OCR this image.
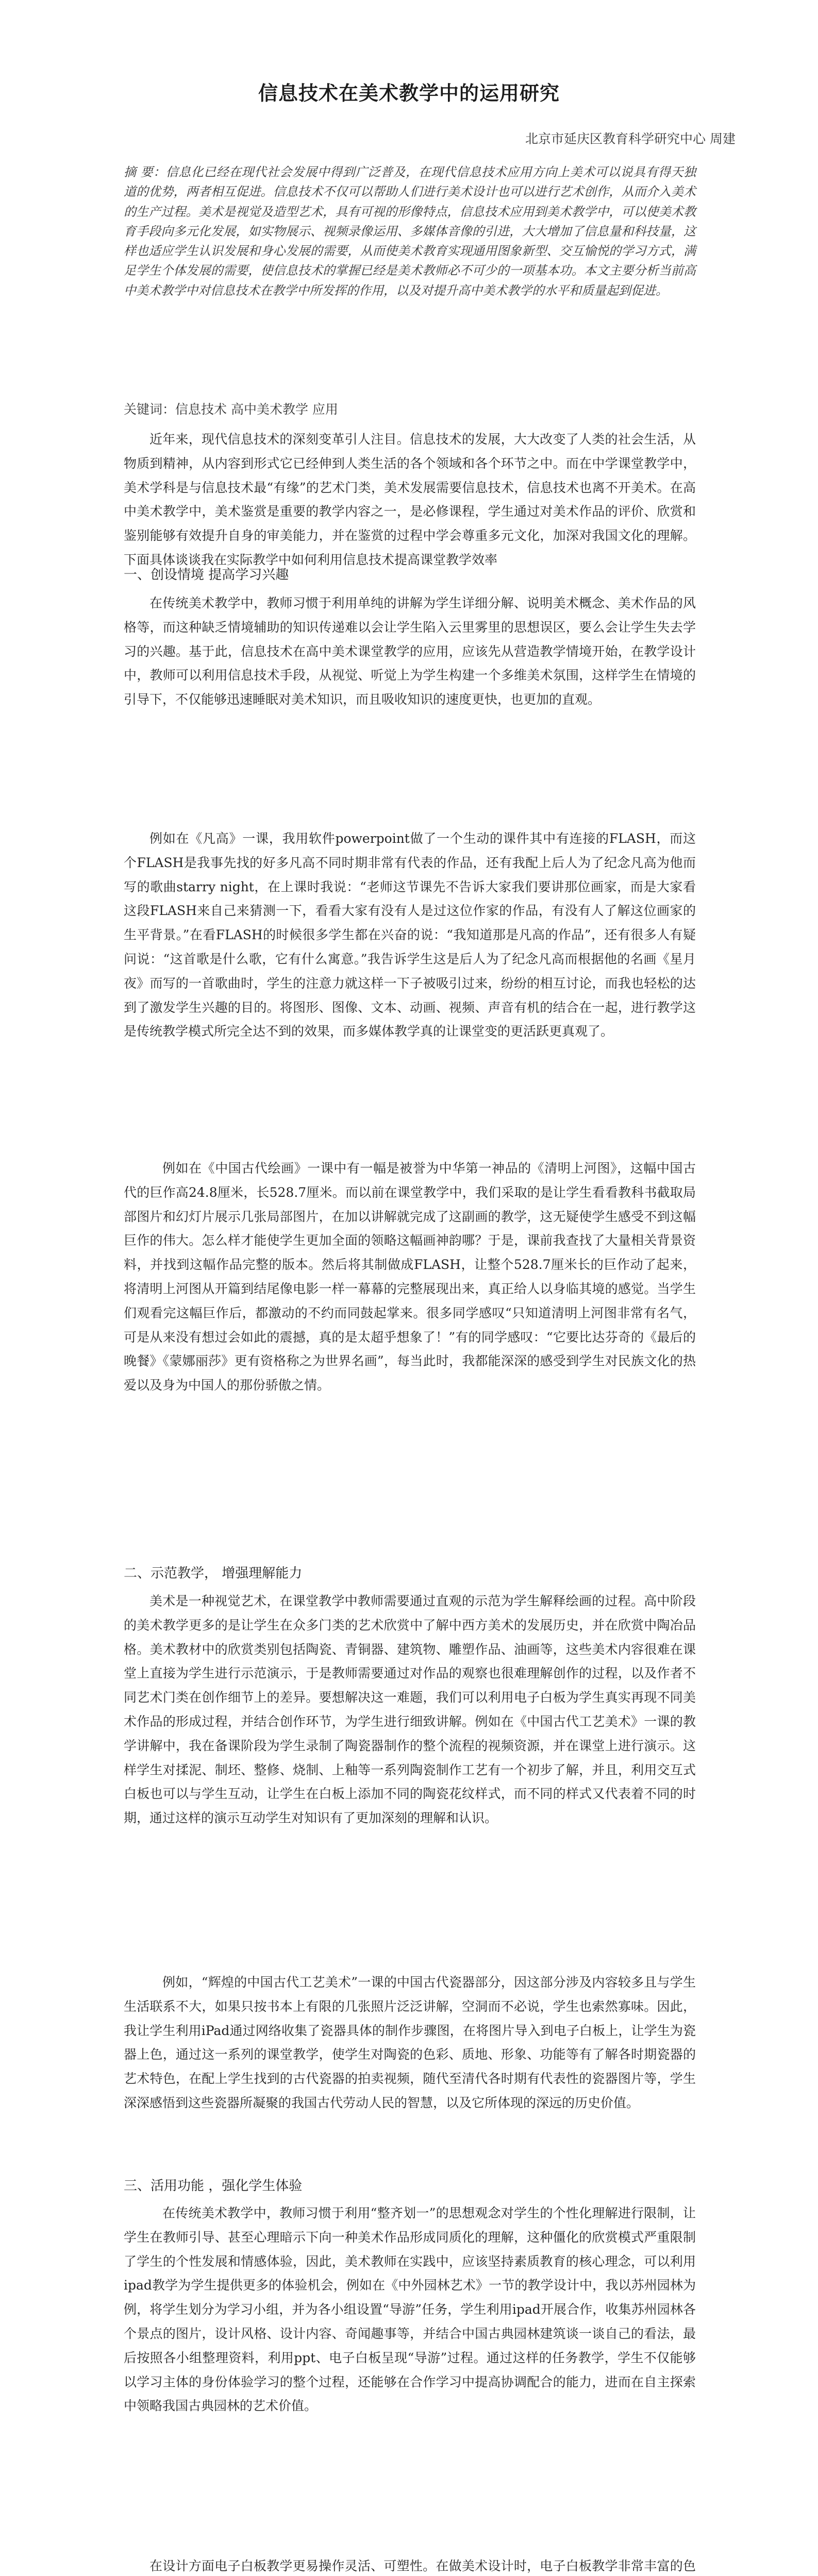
信息技术在美术教学中的运用研究

北京市延庆区教育科学研究中心 周建

摘 要：信息化已经在现代社会发展中得到广泛普及，在现代信息技术应用方向上美术可以说具有得天独道的优势，两者相互促进。信息技术不仅可以帮助人们进行美术设计也可以进行艺术创作，从而介入美术的生产过程。美术是视觉及造型艺术，具有可视的形像特点，信息技术应用到美术教学中，可以使美术教育手段向多元化发展，如实物展示、视频录像运用、多媒体音像的引进，大大增加了信息量和科技量，这样也适应学生认识发展和身心发展的需要，从而使美术教育实现通用图象新型、交互愉悦的学习方式，满足学生个体发展的需要，使信息技术的掌握已经是美术教师必不可少的一项基本功。本文主要分析当前高中美术教学中对信息技术在教学中所发挥的作用，以及对提升高中美术教学的水平和质量起到促进。

关键词：信息技术 高中美术教学 应用

近年来，现代信息技术的深刻变革引人注目。信息技术的发展，大大改变了人类的社会生活，从物质到精神，从内容到形式它已经伸到人类生活的各个领域和各个环节之中。而在中学课堂教学中，美术学科是与信息技术最“有缘”的艺术门类，美术发展需要信息技术，信息技术也离不开美术。在高中美术教学中，美术鉴赏是重要的教学内容之一，是必修课程，学生通过对美术作品的评价、欣赏和鉴别能够有效提升自身的审美能力，并在鉴赏的过程中学会尊重多元文化，加深对我国文化的理解。下面具体谈谈我在实际教学中如何利用信息技术提高课堂教学效率

一、创设情境 提高学习兴趣

在传统美术教学中，教师习惯于利用单纯的讲解为学生详细分解、说明美术概念、美术作品的风格等，而这种缺乏情境辅助的知识传递难以会让学生陷入云里雾里的思想误区，要么会让学生失去学习的兴趣。基于此，信息技术在高中美术课堂教学的应用，应该先从营造教学情境开始，在教学设计中，教师可以利用信息技术手段，从视觉、听觉上为学生构建一个多维美术氛围，这样学生在情境的引导下，不仅能够迅速睡眠对美术知识，而且吸收知识的速度更快，也更加的直观。

例如在《凡高》一课，我用软件powerpoint做了一个生动的课件其中有连接的FLASH，而这个FLASH是我事先找的好多凡高不同时期非常有代表的作品，还有我配上后人为了纪念凡高为他而写的歌曲starry night，在上课时我说：“老师这节课先不告诉大家我们要讲那位画家，而是大家看这段FLASH来自己来猜测一下，看看大家有没有人是过这位作家的作品，有没有人了解这位画家的生平背景。”在看FLASH的时候很多学生都在兴奋的说：“我知道那是凡高的作品”，还有很多人有疑问说：“这首歌是什么歌，它有什么寓意。”我告诉学生这是后人为了纪念凡高而根据他的名画《星月夜》而写的一首歌曲时，学生的注意力就这样一下子被吸引过来，纷纷的相互讨论，而我也轻松的达到了激发学生兴趣的目的。将图形、图像、文本、动画、视频、声音有机的结合在一起，进行教学这是传统教学模式所完全达不到的效果，而多媒体教学真的让课堂变的更活跃更真观了。

例如在《中国古代绘画》一课中有一幅是被誉为中华第一神品的《清明上河图》，这幅中国古代的巨作高24.8厘米，长528.7厘米。而以前在课堂教学中，我们采取的是让学生看看教科书截取局部图片和幻灯片展示几张局部图片，在加以讲解就完成了这副画的教学，这无疑使学生感受不到这幅巨作的伟大。怎么样才能使学生更加全面的领略这幅画神韵哪？于是，课前我查找了大量相关背景资料，并找到这幅作品完整的版本。然后将其制做成FLASH，让整个528.7厘米长的巨作动了起来，将清明上河图从开篇到结尾像电影一样一幕幕的完整展现出来，真正给人以身临其境的感觉。当学生们观看完这幅巨作后，都激动的不约而同鼓起掌来。很多同学感叹“只知道清明上河图非常有名气，可是从来没有想过会如此的震撼，真的是太超乎想象了！”有的同学感叹：“它要比达芬奇的《最后的晚餐》《蒙娜丽莎》更有资格称之为世界名画”，每当此时，我都能深深的感受到学生对民族文化的热爱以及身为中国人的那份骄傲之情。

二、示范教学， 增强理解能力

美术是一种视觉艺术，在课堂教学中教师需要通过直观的示范为学生解释绘画的过程。高中阶段的美术教学更多的是让学生在众多门类的艺术欣赏中了解中西方美术的发展历史，并在欣赏中陶冶品格。美术教材中的欣赏类别包括陶瓷、青铜器、建筑物、雕塑作品、油画等，这些美术内容很难在课堂上直接为学生进行示范演示，于是教师需要通过对作品的观察也很难理解创作的过程，以及作者不同艺术门类在创作细节上的差异。要想解决这一难题，我们可以利用电子白板为学生真实再现不同美术作品的形成过程，并结合创作环节，为学生进行细致讲解。例如在《中国古代工艺美术》一课的教学讲解中，我在备课阶段为学生录制了陶瓷器制作的整个流程的视频资源，并在课堂上进行演示。这样学生对揉泥、制坯、整修、烧制、上釉等一系列陶瓷制作工艺有一个初步了解，并且，利用交互式白板也可以与学生互动，让学生在白板上添加不同的陶瓷花纹样式，而不同的样式又代表着不同的时期，通过这样的演示互动学生对知识有了更加深刻的理解和认识。

例如，“辉煌的中国古代工艺美术”一课的中国古代瓷器部分，因这部分涉及内容较多且与学生生活联系不大，如果只按书本上有限的几张照片泛泛讲解，空洞而不必说，学生也索然寡味。因此，我让学生利用iPad通过网络收集了瓷器具体的制作步骤图，在将图片导入到电子白板上，让学生为瓷器上色，通过这一系列的课堂教学，使学生对陶瓷的色彩、质地、形象、功能等有了解各时期瓷器的艺术特色，在配上学生找到的古代瓷器的拍卖视频，随代至清代各时期有代表性的瓷器图片等，学生深深感悟到这些瓷器所凝聚的我国古代劳动人民的智慧，以及它所体现的深远的历史价值。

三、活用功能 ，强化学生体验

在传统美术教学中，教师习惯于利用“整齐划一”的思想观念对学生的个性化理解进行限制，让学生在教师引导、甚至心理暗示下向一种美术作品形成同质化的理解，这种僵化的欣赏模式严重限制了学生的个性发展和情感体验，因此，美术教师在实践中，应该坚持素质教育的核心理念，可以利用ipad教学为学生提供更多的体验机会，例如在《中外园林艺术》一节的教学设计中，我以苏州园林为例，将学生划分为学习小组，并为各小组设置“导游”任务，学生利用ipad开展合作，收集苏州园林各个景点的图片，设计风格、设计内容、奇闻趣事等，并结合中国古典园林建筑谈一谈自己的看法，最后按照各小组整理资料，利用ppt、电子白板呈现“导游”过程。通过这样的任务教学，学生不仅能够以学习主体的身份体验学习的整个过程，还能够在合作学习中提高协调配合的能力，进而在自主探索中领略我国古典园林的艺术价值。

在设计方面电子白板教学更易操作灵活、可塑性。在做美术设计时，电子白板教学非常丰富的色
